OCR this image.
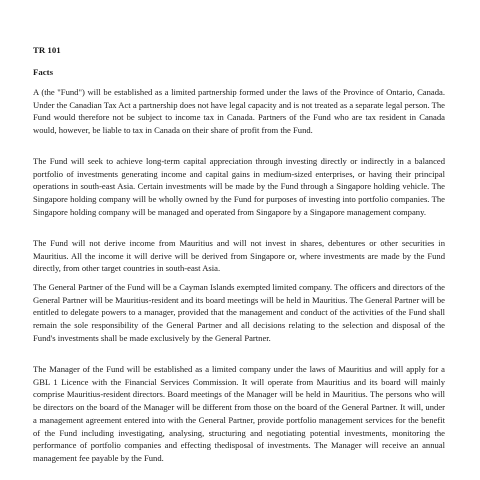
TR 101

Facts

A (the "Fund") will be established as a limited partnership formed under the laws of the Province of Ontario, Canada. Under the Canadian Tax Act a partnership does not have legal capacity and is not treated as a separate legal person. The Fund would therefore not be subject to income tax in Canada. Partners of the Fund who are tax resident in Canada would, however, be liable to tax in Canada on their share of profit from the Fund.

The Fund will seek to achieve long-term capital appreciation through investing directly or indirectly in a balanced portfolio of investments generating income and capital gains in medium-sized enterprises, or having their principal operations in south-east Asia. Certain investments will be made by the Fund through a Singapore holding vehicle. The Singapore holding company will be wholly owned by the Fund for purposes of investing into portfolio companies. The Singapore holding company will be managed and operated from Singapore by a Singapore management company.

The Fund will not derive income from Mauritius and will not invest in shares, debentures or other securities in Mauritius. All the income it will derive will be derived from Singapore or, where investments are made by the Fund directly, from other target countries in south-east Asia.

The General Partner of the Fund will be a Cayman Islands exempted limited company. The officers and directors of the General Partner will be Mauritius-resident and its board meetings will be held in Mauritius. The General Partner will be entitled to delegate powers to a manager, provided that the management and conduct of the activities of the Fund shall remain the sole responsibility of the General Partner and all decisions relating to the selection and disposal of the Fund's investments shall be made exclusively by the General Partner.

The Manager of the Fund will be established as a limited company under the laws of Mauritius and will apply for a GBL 1 Licence with the Financial Services Commission. It will operate from Mauritius and its board will mainly comprise Mauritius-resident directors. Board meetings of the Manager will be held in Mauritius. The persons who will be directors on the board of the Manager will be different from those on the board of the General Partner. It will, under a management agreement entered into with the General Partner, provide portfolio management services for the benefit of the Fund including investigating, analysing, structuring and negotiating potential investments, monitoring the performance of portfolio companies and effecting thedisposal of investments. The Manager will receive an annual management fee payable by the Fund.
